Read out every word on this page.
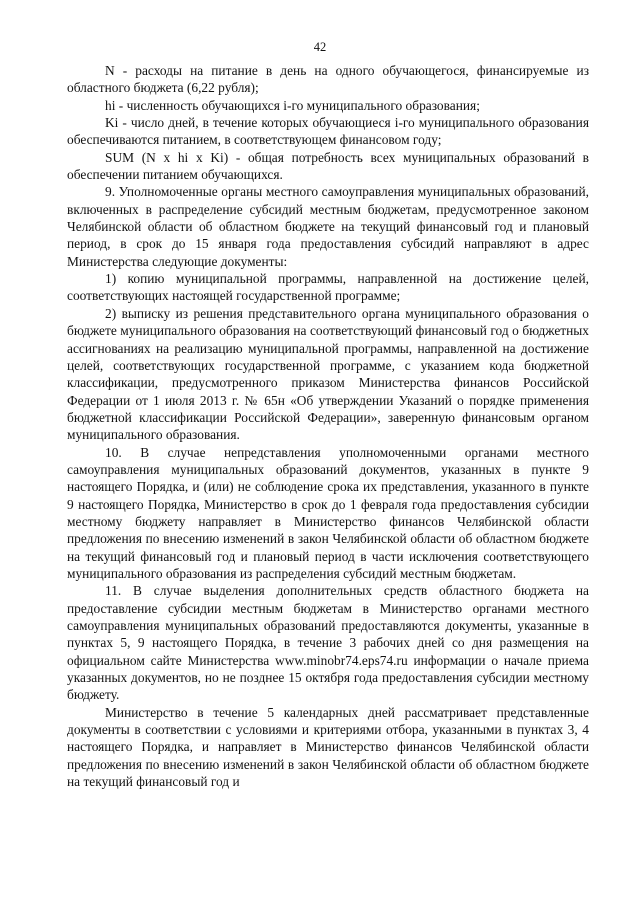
42

N - расходы на питание в день на одного обучающегося, финансируемые из областного бюджета (6,22 рубля);

hi - численность обучающихся i-го муниципального образования;

Ki - число дней, в течение которых обучающиеся i-го муниципального образования обеспечиваются питанием, в соответствующем финансовом году;

SUM (N x hi x Ki) - общая потребность всех муниципальных образований в обеспечении питанием обучающихся.

9. Уполномоченные органы местного самоуправления муниципальных образований, включенных в распределение субсидий местным бюджетам, предусмотренное законом Челябинской области об областном бюджете на текущий финансовый год и плановый период, в срок до 15 января года предоставления субсидий направляют в адрес Министерства следующие документы:

1) копию муниципальной программы, направленной на достижение целей, соответствующих настоящей государственной программе;

2) выписку из решения представительного органа муниципального образования о бюджете муниципального образования на соответствующий финансовый год о бюджетных ассигнованиях на реализацию муниципальной программы, направленной на достижение целей, соответствующих государственной программе, с указанием кода бюджетной классификации, предусмотренного приказом Министерства финансов Российской Федерации от 1 июля 2013 г. № 65н «Об утверждении Указаний о порядке применения бюджетной классификации Российской Федерации», заверенную финансовым органом муниципального образования.

10. В случае непредставления уполномоченными органами местного самоуправления муниципальных образований документов, указанных в пункте 9 настоящего Порядка, и (или) не соблюдение срока их представления, указанного в пункте 9 настоящего Порядка, Министерство в срок до 1 февраля года предоставления субсидии местному бюджету направляет в Министерство финансов Челябинской области предложения по внесению изменений в закон Челябинской области об областном бюджете на текущий финансовый год и плановый период в части исключения соответствующего муниципального образования из распределения субсидий местным бюджетам.

11. В случае выделения дополнительных средств областного бюджета на предоставление субсидии местным бюджетам в Министерство органами местного самоуправления муниципальных образований предоставляются документы, указанные в пунктах 5, 9 настоящего Порядка, в течение 3 рабочих дней со дня размещения на официальном сайте Министерства www.minobr74.eps74.ru информации о начале приема указанных документов, но не позднее 15 октября года предоставления субсидии местному бюджету.

Министерство в течение 5 календарных дней рассматривает представленные документы в соответствии с условиями и критериями отбора, указанными в пунктах 3, 4 настоящего Порядка, и направляет в Министерство финансов Челябинской области предложения по внесению изменений в закон Челябинской области об областном бюджете на текущий финансовый год и
